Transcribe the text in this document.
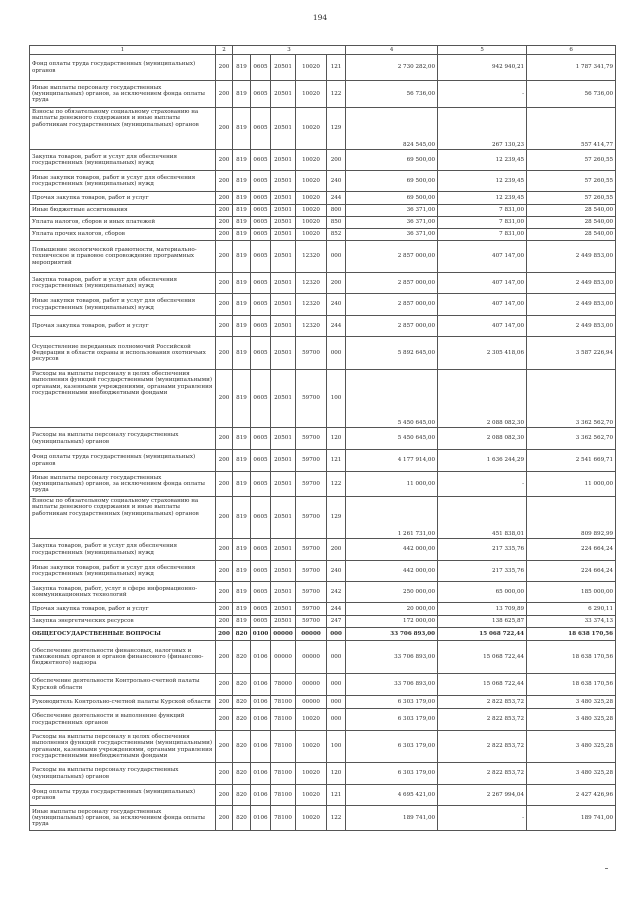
194
1	2	3					4	5	6
Фонд оплаты труда государственных (муниципальных) органов	200	819	0605	20501	10020	121	2 730 282,00	942 940,21	1 787 341,79
Иные выплаты персоналу государственных (муниципальных) органов, за исключением фонда оплаты труда	200	819	0605	20501	10020	122	56 736,00	-	56 736,00
Взносы по обязательному социальному страхованию на выплаты денежного содержания и иные выплаты работникам государственных (муниципальных) органов	200	819	0605	20501	10020	129	824 545,00	267 130,23	557 414,77
Закупка товаров, работ и услуг для обеспечения государственных (муниципальных) нужд	200	819	0605	20501	10020	200	69 500,00	12 239,45	57 260,55
Иные закупки товаров, работ и услуг для обеспечения государственных (муниципальных) нужд	200	819	0605	20501	10020	240	69 500,00	12 239,45	57 260,55
Прочая закупка товаров, работ и услуг	200	819	0605	20501	10020	244	69 500,00	12 239,45	57 260,55
Иные бюджетные ассигнования	200	819	0605	20501	10020	800	36 371,00	7 831,00	28 540,00
Уплата налогов, сборов и иных платежей	200	819	0605	20501	10020	850	36 371,00	7 831,00	28 540,00
Уплата прочих налогов, сборов	200	819	0605	20501	10020	852	36 371,00	7 831,00	28 540,00
Повышение экологической грамотности, материально-техническое и правовое сопровождение программных мероприятий	200	819	0605	20501	12320	000	2 857 000,00	407 147,00	2 449 853,00
Закупка товаров, работ и услуг для обеспечения государственных (муниципальных) нужд	200	819	0605	20501	12320	200	2 857 000,00	407 147,00	2 449 853,00
Иные закупки товаров, работ и услуг для обеспечения государственных (муниципальных) нужд	200	819	0605	20501	12320	240	2 857 000,00	407 147,00	2 449 853,00
Прочая закупка товаров, работ и услуг	200	819	0605	20501	12320	244	2 857 000,00	407 147,00	2 449 853,00
Осуществление переданных полномочий Российской Федерации в области охраны и использования охотничьих ресурсов	200	819	0605	20501	59700	000	5 892 645,00	2 305 418,06	3 587 226,94
Расходы на выплаты персоналу в целях обеспечения выполнения функций государственными (муниципальными) органами, казенными учреждениями, органами управления государственными внебюджетными фондами	200	819	0605	20501	59700	100	5 450 645,00	2 088 082,30	3 362 562,70
Расходы на выплаты персоналу государственных (муниципальных) органов	200	819	0605	20501	59700	120	5 450 645,00	2 088 082,30	3 362 562,70
Фонд оплаты труда государственных (муниципальных) органов	200	819	0605	20501	59700	121	4 177 914,00	1 636 244,29	2 541 669,71
Иные выплаты персоналу государственных (муниципальных) органов, за исключением фонда оплаты труда	200	819	0605	20501	59700	122	11 000,00	-	11 000,00
Взносы по обязательному социальному страхованию на выплаты денежного содержания и иные выплаты работникам государственных (муниципальных) органов	200	819	0605	20501	59700	129	1 261 731,00	451 838,01	809 892,99
Закупка товаров, работ и услуг для обеспечения государственных (муниципальных) нужд	200	819	0605	20501	59700	200	442 000,00	217 335,76	224 664,24
Иные закупки товаров, работ и услуг для обеспечения государственных (муниципальных) нужд	200	819	0605	20501	59700	240	442 000,00	217 335,76	224 664,24
Закупка товаров, работ, услуг в сфере информационно-коммуникационных технологий	200	819	0605	20501	59700	242	250 000,00	65 000,00	185 000,00
Прочая закупка товаров, работ и услуг	200	819	0605	20501	59700	244	20 000,00	13 709,89	6 290,11
Закупка энергетических ресурсов	200	819	0605	20501	59700	247	172 000,00	138 625,87	33 374,13
ОБЩЕГОСУДАРСТВЕННЫЕ ВОПРОСЫ	200	820	0100	00000	00000	000	33 706 893,00	15 068 722,44	18 638 170,56
Обеспечение деятельности финансовых, налоговых и таможенных органов и органов финансового (финансово-бюджетного) надзора	200	820	0106	00000	00000	000	33 706 893,00	15 068 722,44	18 638 170,56
Обеспечение деятельности Контрольно-счетной палаты Курской области	200	820	0106	78000	00000	000	33 706 893,00	15 068 722,44	18 638 170,56
Руководитель Контрольно-счетной палаты Курской области	200	820	0106	78100	00000	000	6 303 179,00	2 822 853,72	3 480 325,28
Обеспечение деятельности и выполнение функций государственных органов	200	820	0106	78100	10020	000	6 303 179,00	2 822 853,72	3 480 325,28
Расходы на выплаты персоналу в целях обеспечения выполнения функций государственными (муниципальными) органами, казенными учреждениями, органами управления государственными внебюджетными фондами	200	820	0106	78100	10020	100	6 303 179,00	2 822 853,72	3 480 325,28
Расходы на выплаты персоналу государственных (муниципальных) органов	200	820	0106	78100	10020	120	6 303 179,00	2 822 853,72	3 480 325,28
Фонд оплаты труда государственных (муниципальных) органов	200	820	0106	78100	10020	121	4 695 421,00	2 267 994,04	2 427 426,96
Иные выплаты персоналу государственных (муниципальных) органов, за исключением фонда оплаты труда	200	820	0106	78100	10020	122	189 741,00	-	189 741,00
